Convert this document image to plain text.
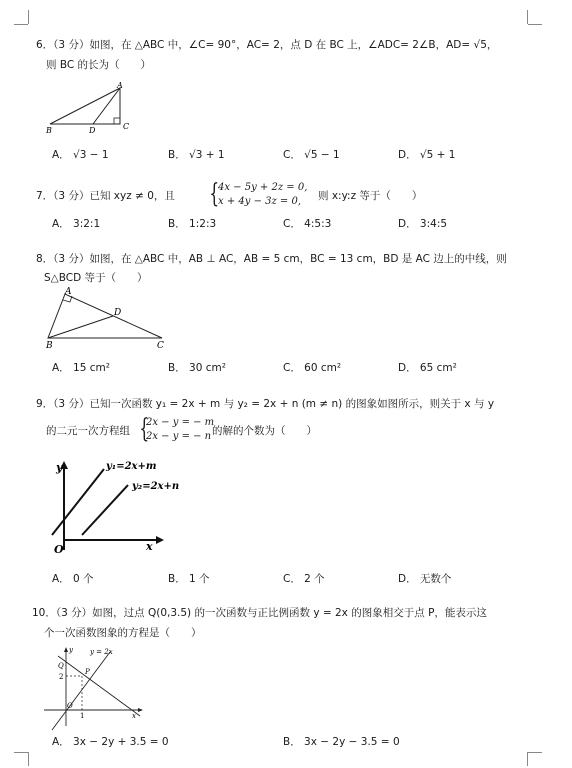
6．（3 分）如图，在 △ABC 中，∠C= 90°，AC= 2，点 D 在 BC 上，∠ADC= 2∠B，AD= √5，
则 BC 的长为（　　）
A
B	D	C
A． √3 − 1	B． √3 + 1	C． √5 − 1	D． √5 + 1
7．（3 分）已知 xyz ≠ 0，且 {
4x − 5y + 2z = 0,
x + 4y − 3z = 0, 则 x:y:z 等于（　　）
A． 3:2:1	B． 1:2:3	C． 4:5:3	D． 3:4:5
8．（3 分）如图，在 △ABC 中，AB ⊥ AC，AB = 5 cm，BC = 13 cm，BD 是 AC 边上的中线，则
S△BCD 等于（　　）
A
B
D
C
A． 15 cm²	B． 30 cm²	C． 60 cm²	D． 65 cm²
9．（3 分）已知一次函数 y₁ = 2x + m 与 y₂ = 2x + n (m ≠ n) 的图象如图所示，则关于 x 与 y
的二元一次方程组 {
2x − y = − m
2x − y = − n 的解的个数为（　　）
y
x
O
y₁=2x+m
y₂=2x+n
A． 0 个	B． 1 个	C． 2 个	D． 无数个
10．（3 分）如图，过点 Q(0,3.5) 的一次函数与正比例函数 y = 2x 的图象相交于点 P，能表示这
个一次函数图象的方程是（　　）
y y = 2x
Q
P
2
O
1	x
A． 3x − 2y + 3.5 = 0	B． 3x − 2y − 3.5 = 0
